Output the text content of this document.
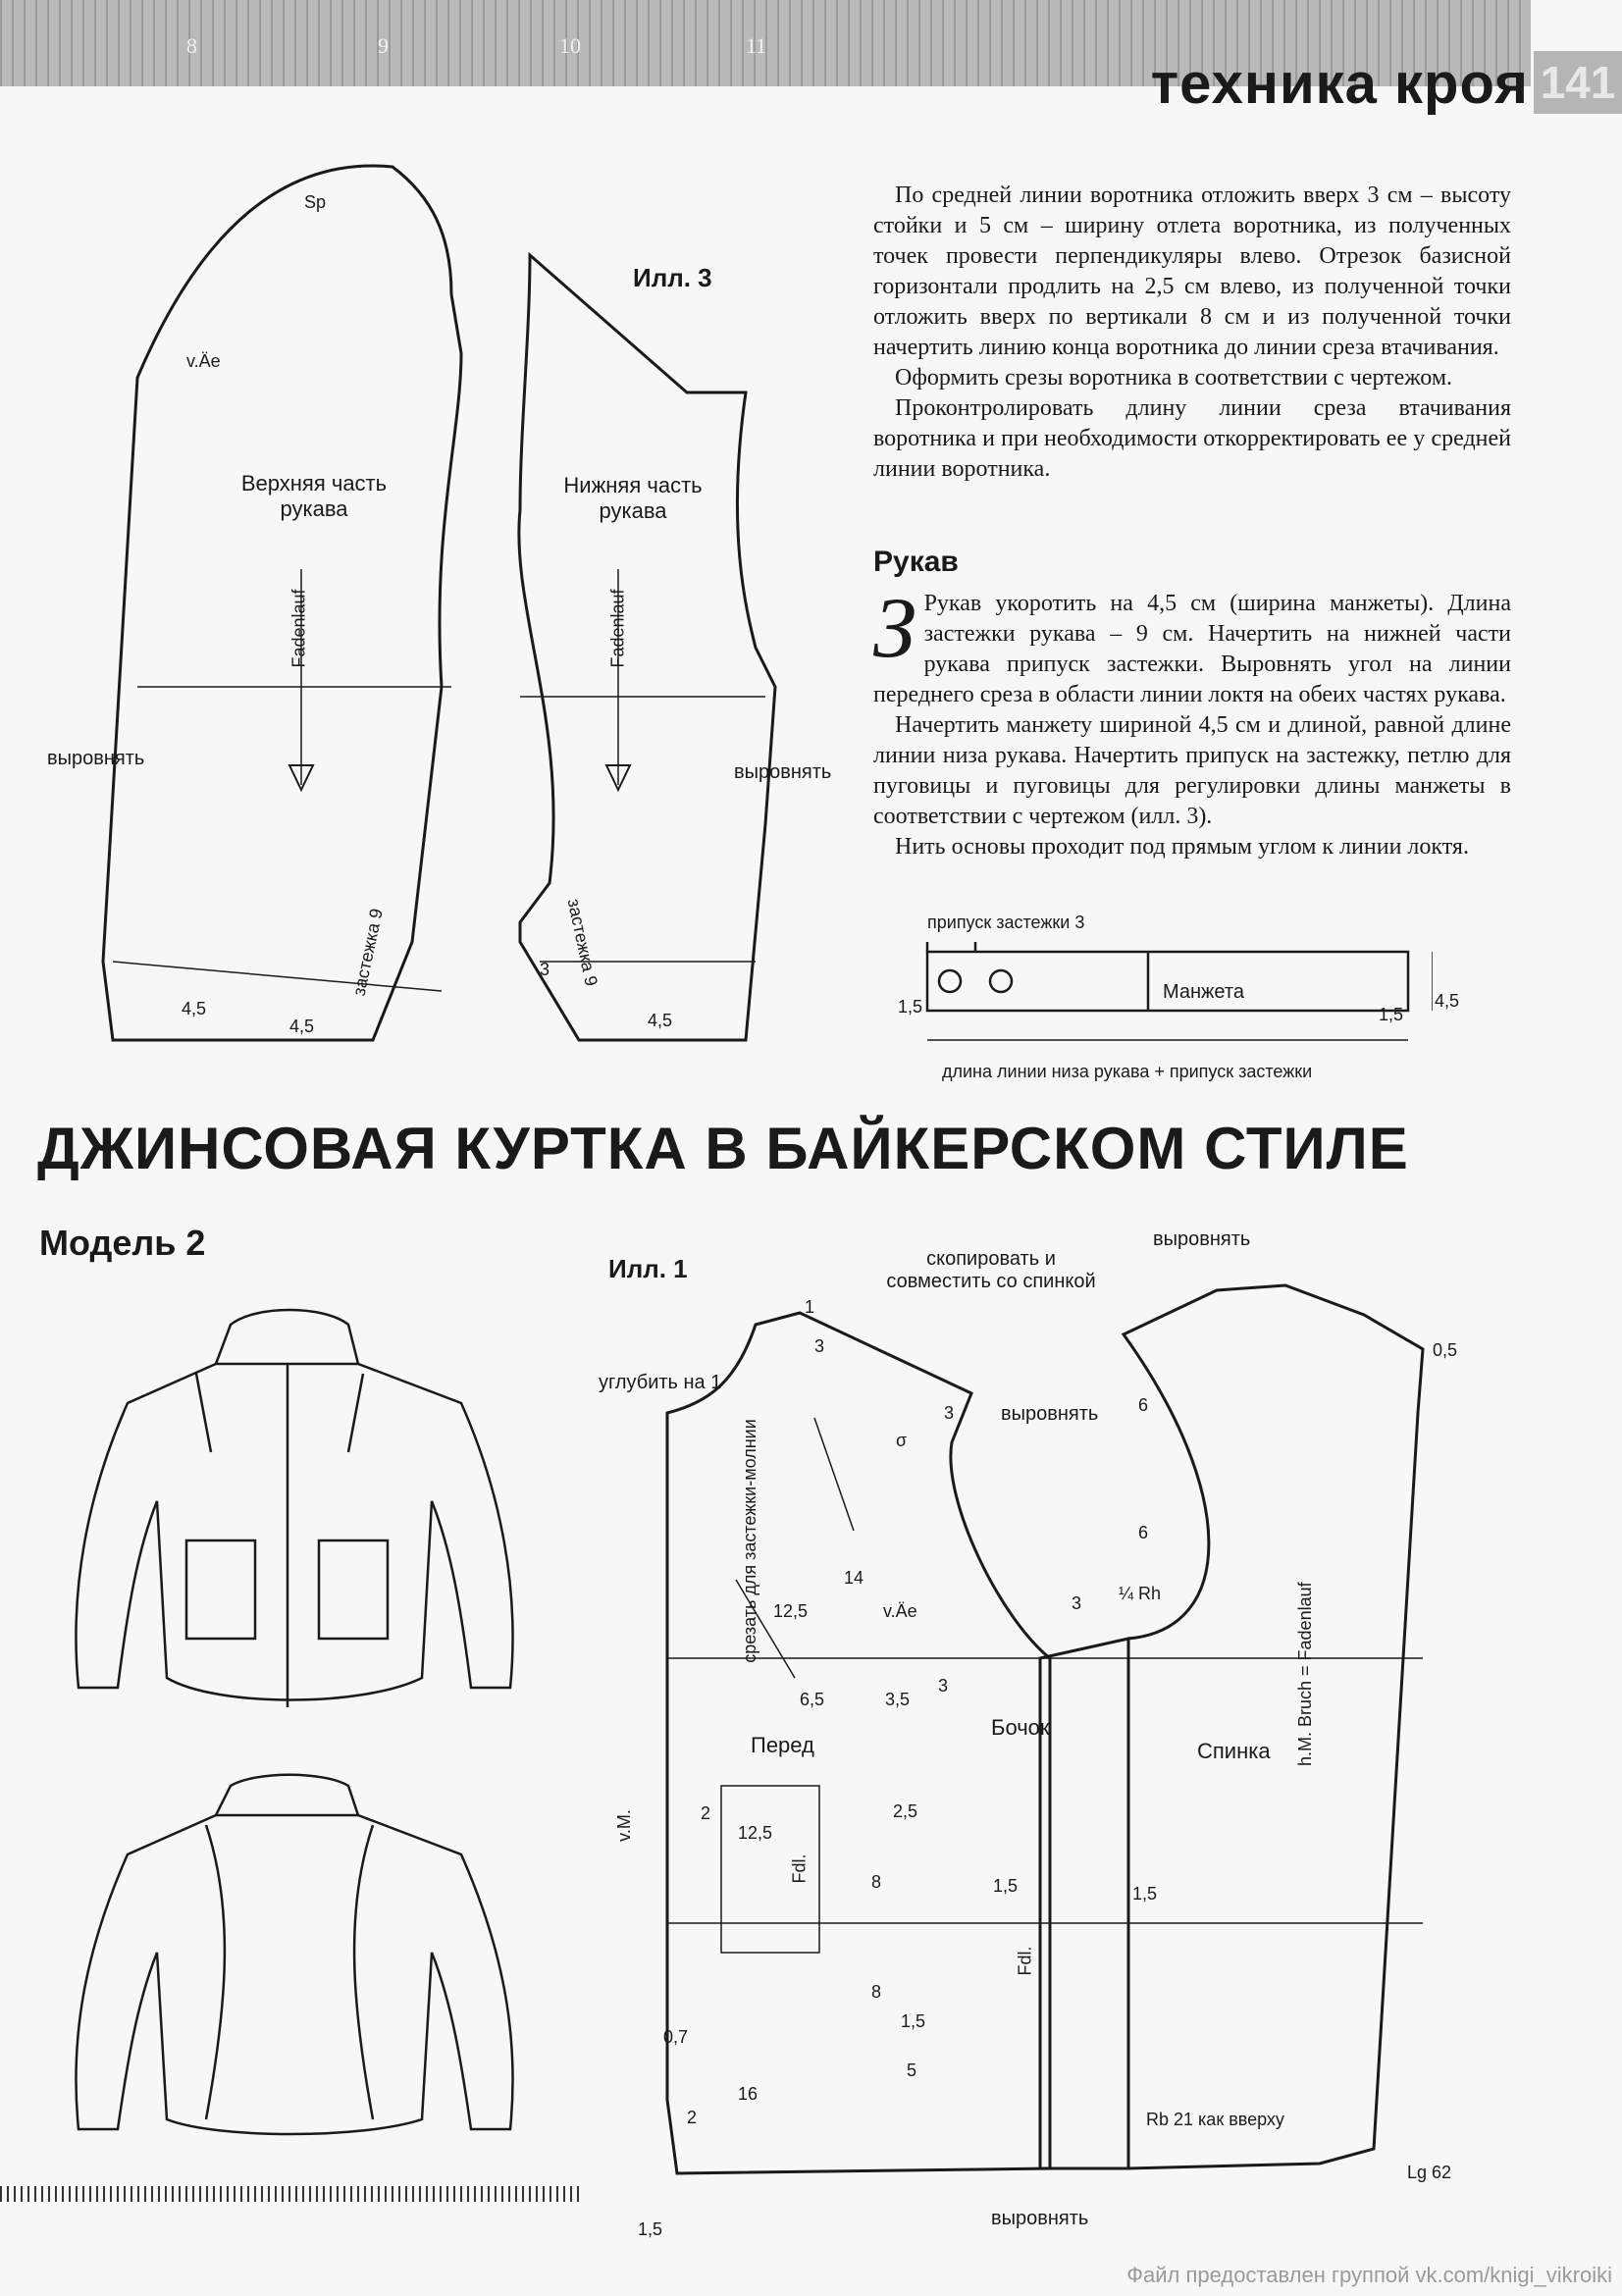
8	9	10	11
техника кроя 141

По средней линии воротника отложить вверх 3 см – высоту стойки и 5 см – ширину отлета воротника, из полученных точек провести перпендикуляры влево. Отрезок базисной горизонтали продлить на 2,5 см влево, из полученной точки отложить вверх по вертикали 8 см и из полученной точки начертить линию конца воротника до линии среза втачивания.

Оформить срезы воротника в соответствии с чертежом.

Проконтролировать длину линии среза втачивания воротника и при необходимости откорректировать ее у средней линии воротника.

Рукав
З Рукав укоротить на 4,5 см (ширина манжеты). Длина застежки рукава – 9 см. Начертить на нижней части рукава припуск застежки. Выровнять угол на линии переднего среза в области линии локтя на обеих частях рукава.

Начертить манжету шириной 4,5 см и длиной, равной длине линии низа рукава. Начертить припуск на застежку, петлю для пуговицы и пуговицы для регулировки длины манжеты в соответствии с чертежом (илл. 3).

Нить основы проходит под прямым углом к линии локтя.

Илл. 3
Sp
v.Äe
Верхняя часть рукава
Нижняя часть рукава
Fadenlauf	Fadenlauf
выровнять
выровнять
застежка 9	застежка 9
4,5
4,5	4,5
3
припуск застежки 3
Манжета
1,5	1,5
4,5
длина линии низа рукава + припуск застежки
ДЖИНСОВАЯ КУРТКА В БАЙКЕРСКОМ СТИЛЕ
Модель 2
Илл. 1	скопировать и совместить со спинкой
выровнять
выровнять
углубить на 1
срезать для застежки-молнии
Перед
Бочок
Спинка
¼ Rh
v.Äe
v.M.
h.M. Bruch = Fadenlauf
Fdl.
Fdl.
Rb 21 как вверху
Lg 62
выровнять
1
3
3
σ
6
6
3
0,5
14
12,5
6,5	3,5
3
2
12,5
2,5
8
8
1,5	1,5
1,5
0,7
5
2
16
1,5
Файл предоставлен группой vk.com/knigi_vikroiki
